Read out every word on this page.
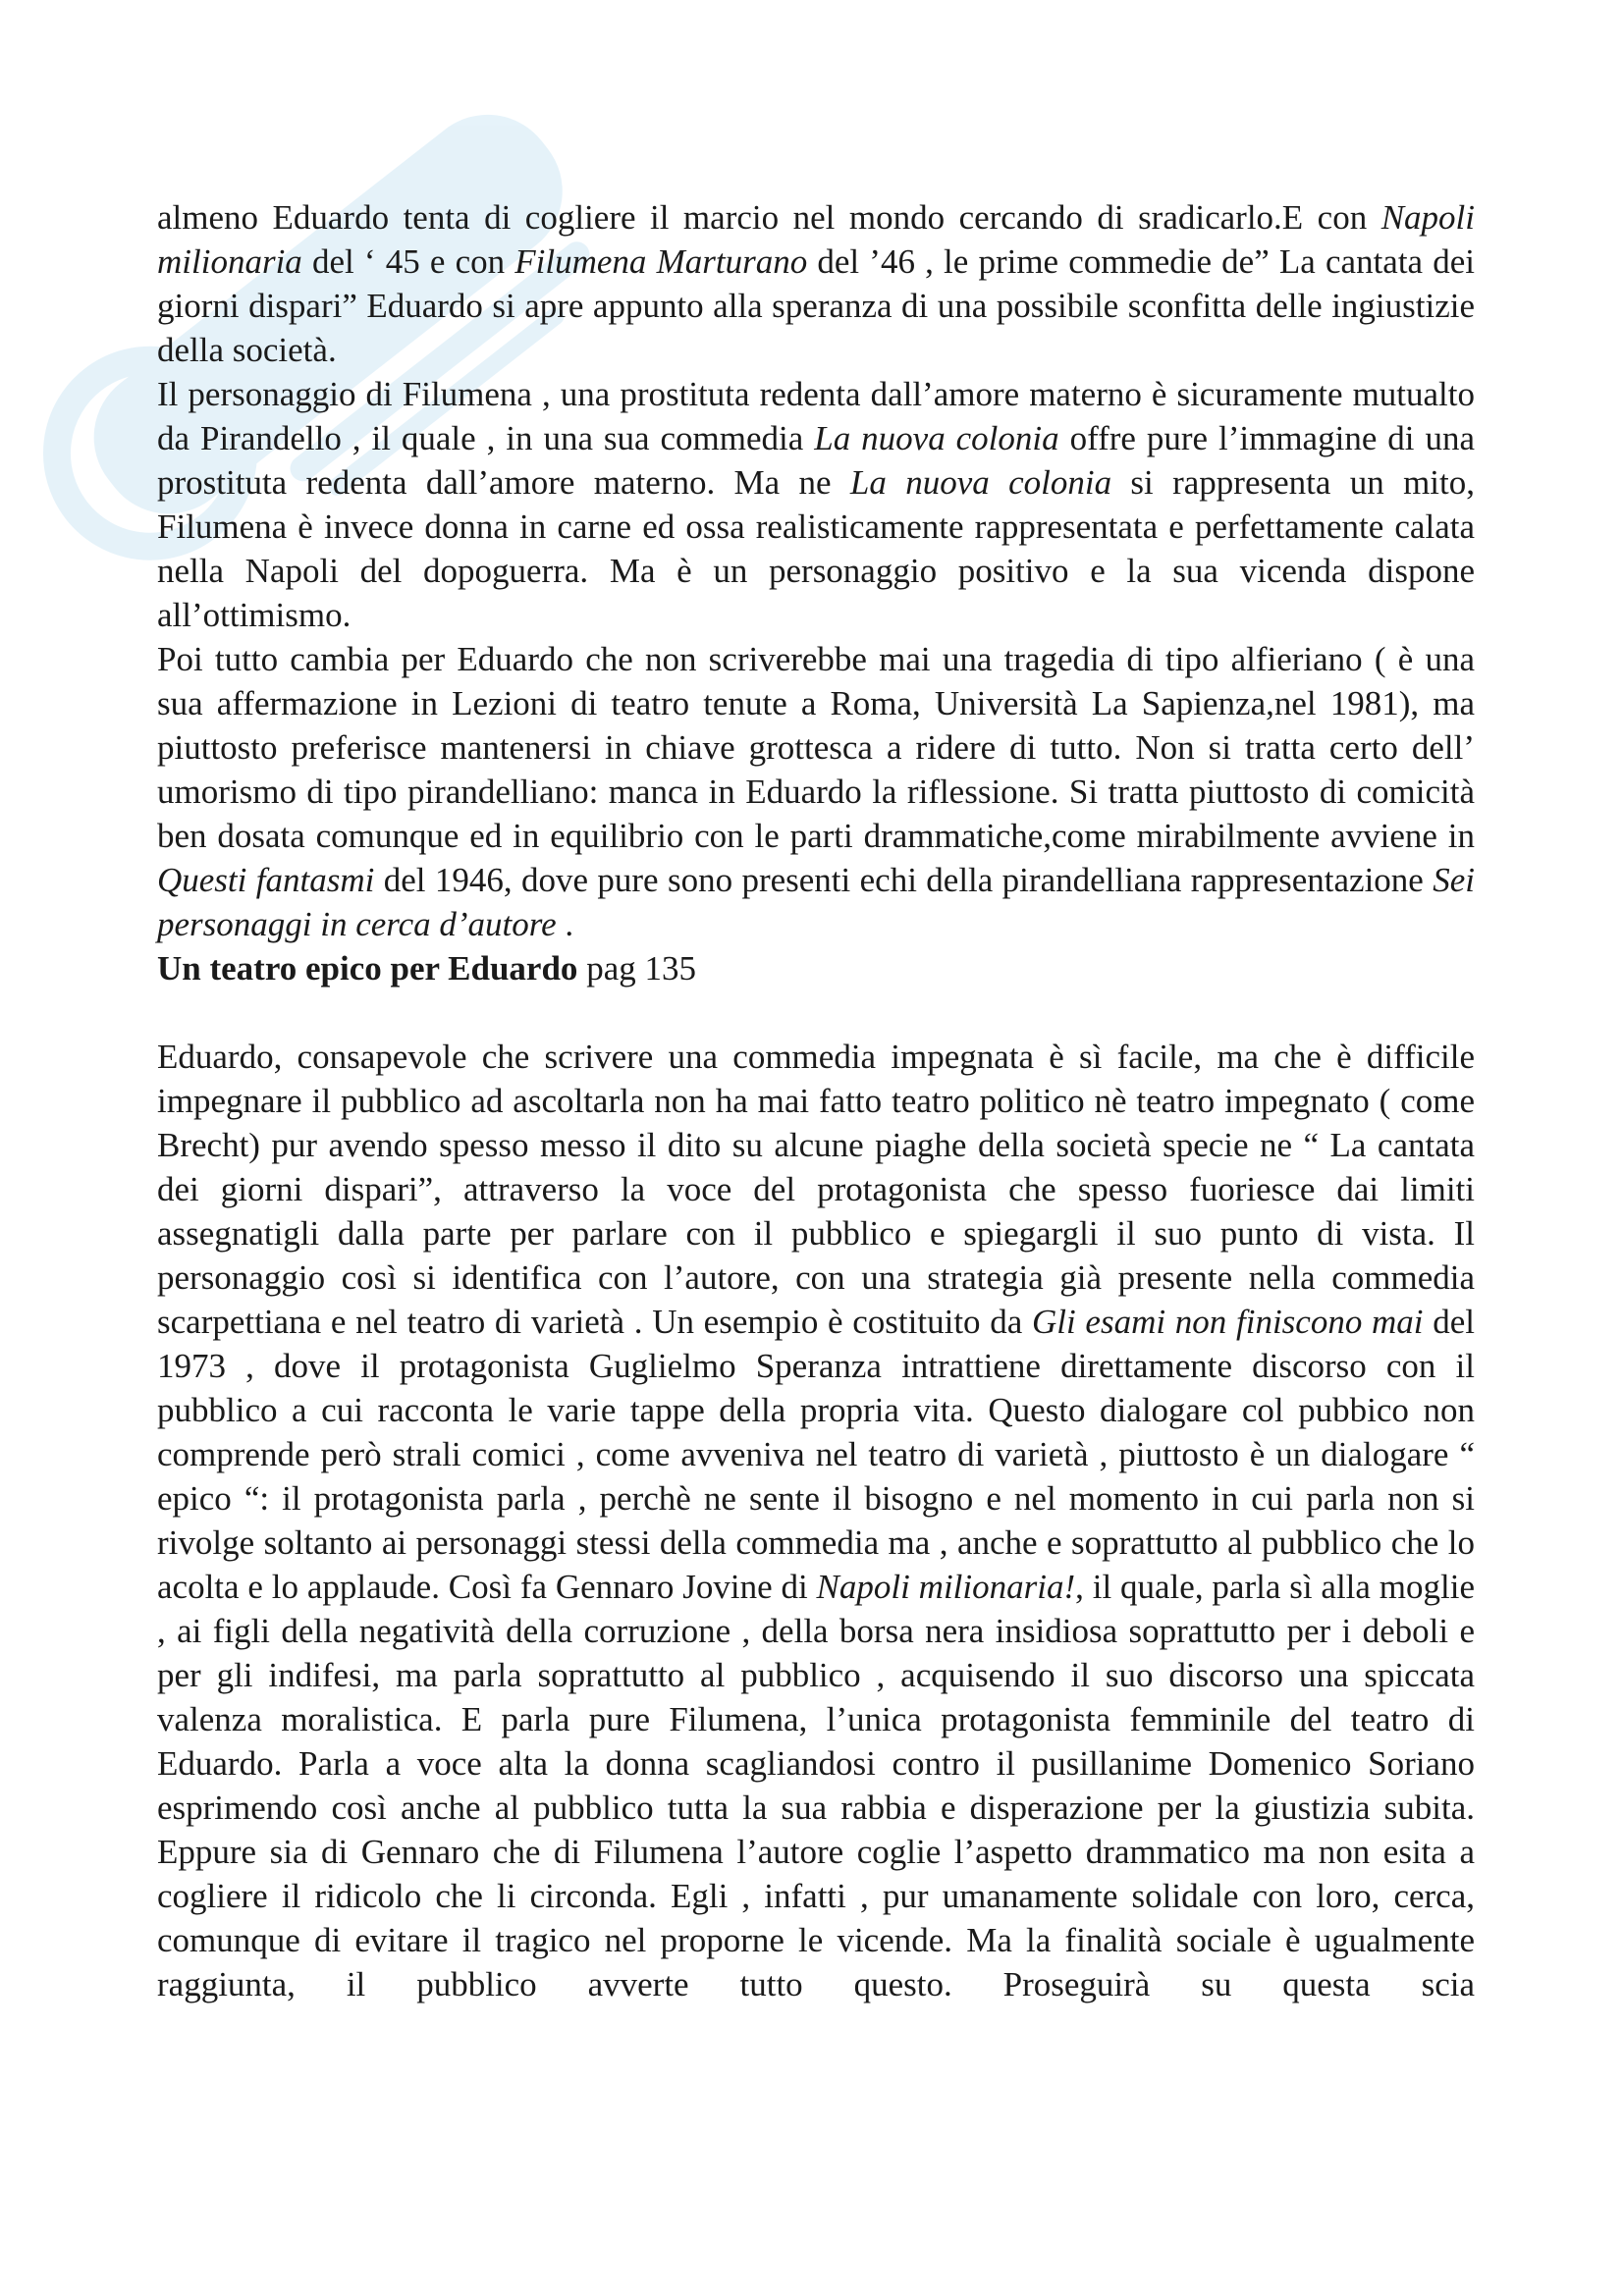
almeno Eduardo tenta di cogliere il marcio nel mondo cercando di sradicarlo.E con Napoli milionaria del ‘ 45 e con Filumena Marturano del ’46 , le prime commedie de” La cantata dei giorni dispari” Eduardo si apre appunto alla speranza di una possibile sconfitta delle ingiustizie della società.

Il personaggio di Filumena , una prostituta redenta dall’amore materno è sicuramente mutualto da Pirandello , il quale , in una sua commedia La nuova colonia offre pure l’immagine di una prostituta redenta dall’amore materno. Ma ne La nuova colonia si rappresenta un mito, Filumena è invece donna in carne ed ossa realisticamente rappresentata e perfettamente calata nella Napoli del dopoguerra. Ma è un personaggio positivo e la sua vicenda dispone all’ottimismo.

Poi tutto cambia per Eduardo che non scriverebbe mai una tragedia di tipo alfieriano ( è una sua affermazione in Lezioni di teatro tenute a Roma, Università La Sapienza,nel 1981), ma piuttosto preferisce mantenersi in chiave grottesca a ridere di tutto. Non si tratta certo dell’ umorismo di tipo pirandelliano: manca in Eduardo la riflessione. Si tratta piuttosto di comicità ben dosata comunque ed in equilibrio con le parti drammatiche,come mirabilmente avviene in Questi fantasmi del 1946, dove pure sono presenti echi della pirandelliana rappresentazione Sei personaggi in cerca d’autore .

Un teatro epico per Eduardo pag 135

Eduardo, consapevole che scrivere una commedia impegnata è sì facile, ma che è difficile impegnare il pubblico ad ascoltarla non ha mai fatto teatro politico nè teatro impegnato ( come Brecht) pur avendo spesso messo il dito su alcune piaghe della società specie ne “ La cantata dei giorni dispari”, attraverso la voce del protagonista che spesso fuoriesce dai limiti assegnatigli dalla parte per parlare con il pubblico e spiegargli il suo punto di vista. Il personaggio così si identifica con l’autore, con una strategia già presente nella commedia scarpettiana e nel teatro di varietà . Un esempio è costituito da Gli esami non finiscono mai del 1973 , dove il protagonista Guglielmo Speranza intrattiene direttamente discorso con il pubblico a cui racconta le varie tappe della propria vita. Questo dialogare col pubbico non comprende però strali comici , come avveniva nel teatro di varietà , piuttosto è un dialogare “ epico “: il protagonista parla , perchè ne sente il bisogno e nel momento in cui parla non si rivolge soltanto ai personaggi stessi della commedia ma , anche e soprattutto al pubblico che lo acolta e lo applaude. Così fa Gennaro Jovine di Napoli milionaria!, il quale, parla sì alla moglie , ai figli della negatività della corruzione , della borsa nera insidiosa soprattutto per i deboli e per gli indifesi, ma parla soprattutto al pubblico , acquisendo il suo discorso una spiccata valenza moralistica. E parla pure Filumena, l’unica protagonista femminile del teatro di Eduardo. Parla a voce alta la donna scagliandosi contro il pusillanime Domenico Soriano esprimendo così anche al pubblico tutta la sua rabbia e disperazione per la giustizia subita. Eppure sia di Gennaro che di Filumena l’autore coglie l’aspetto drammatico ma non esita a cogliere il ridicolo che li circonda. Egli , infatti , pur umanamente solidale con loro, cerca, comunque di evitare il tragico nel proporne le vicende. Ma la finalità sociale è ugualmente raggiunta, il pubblico avverte tutto questo. Proseguirà su questa scia
